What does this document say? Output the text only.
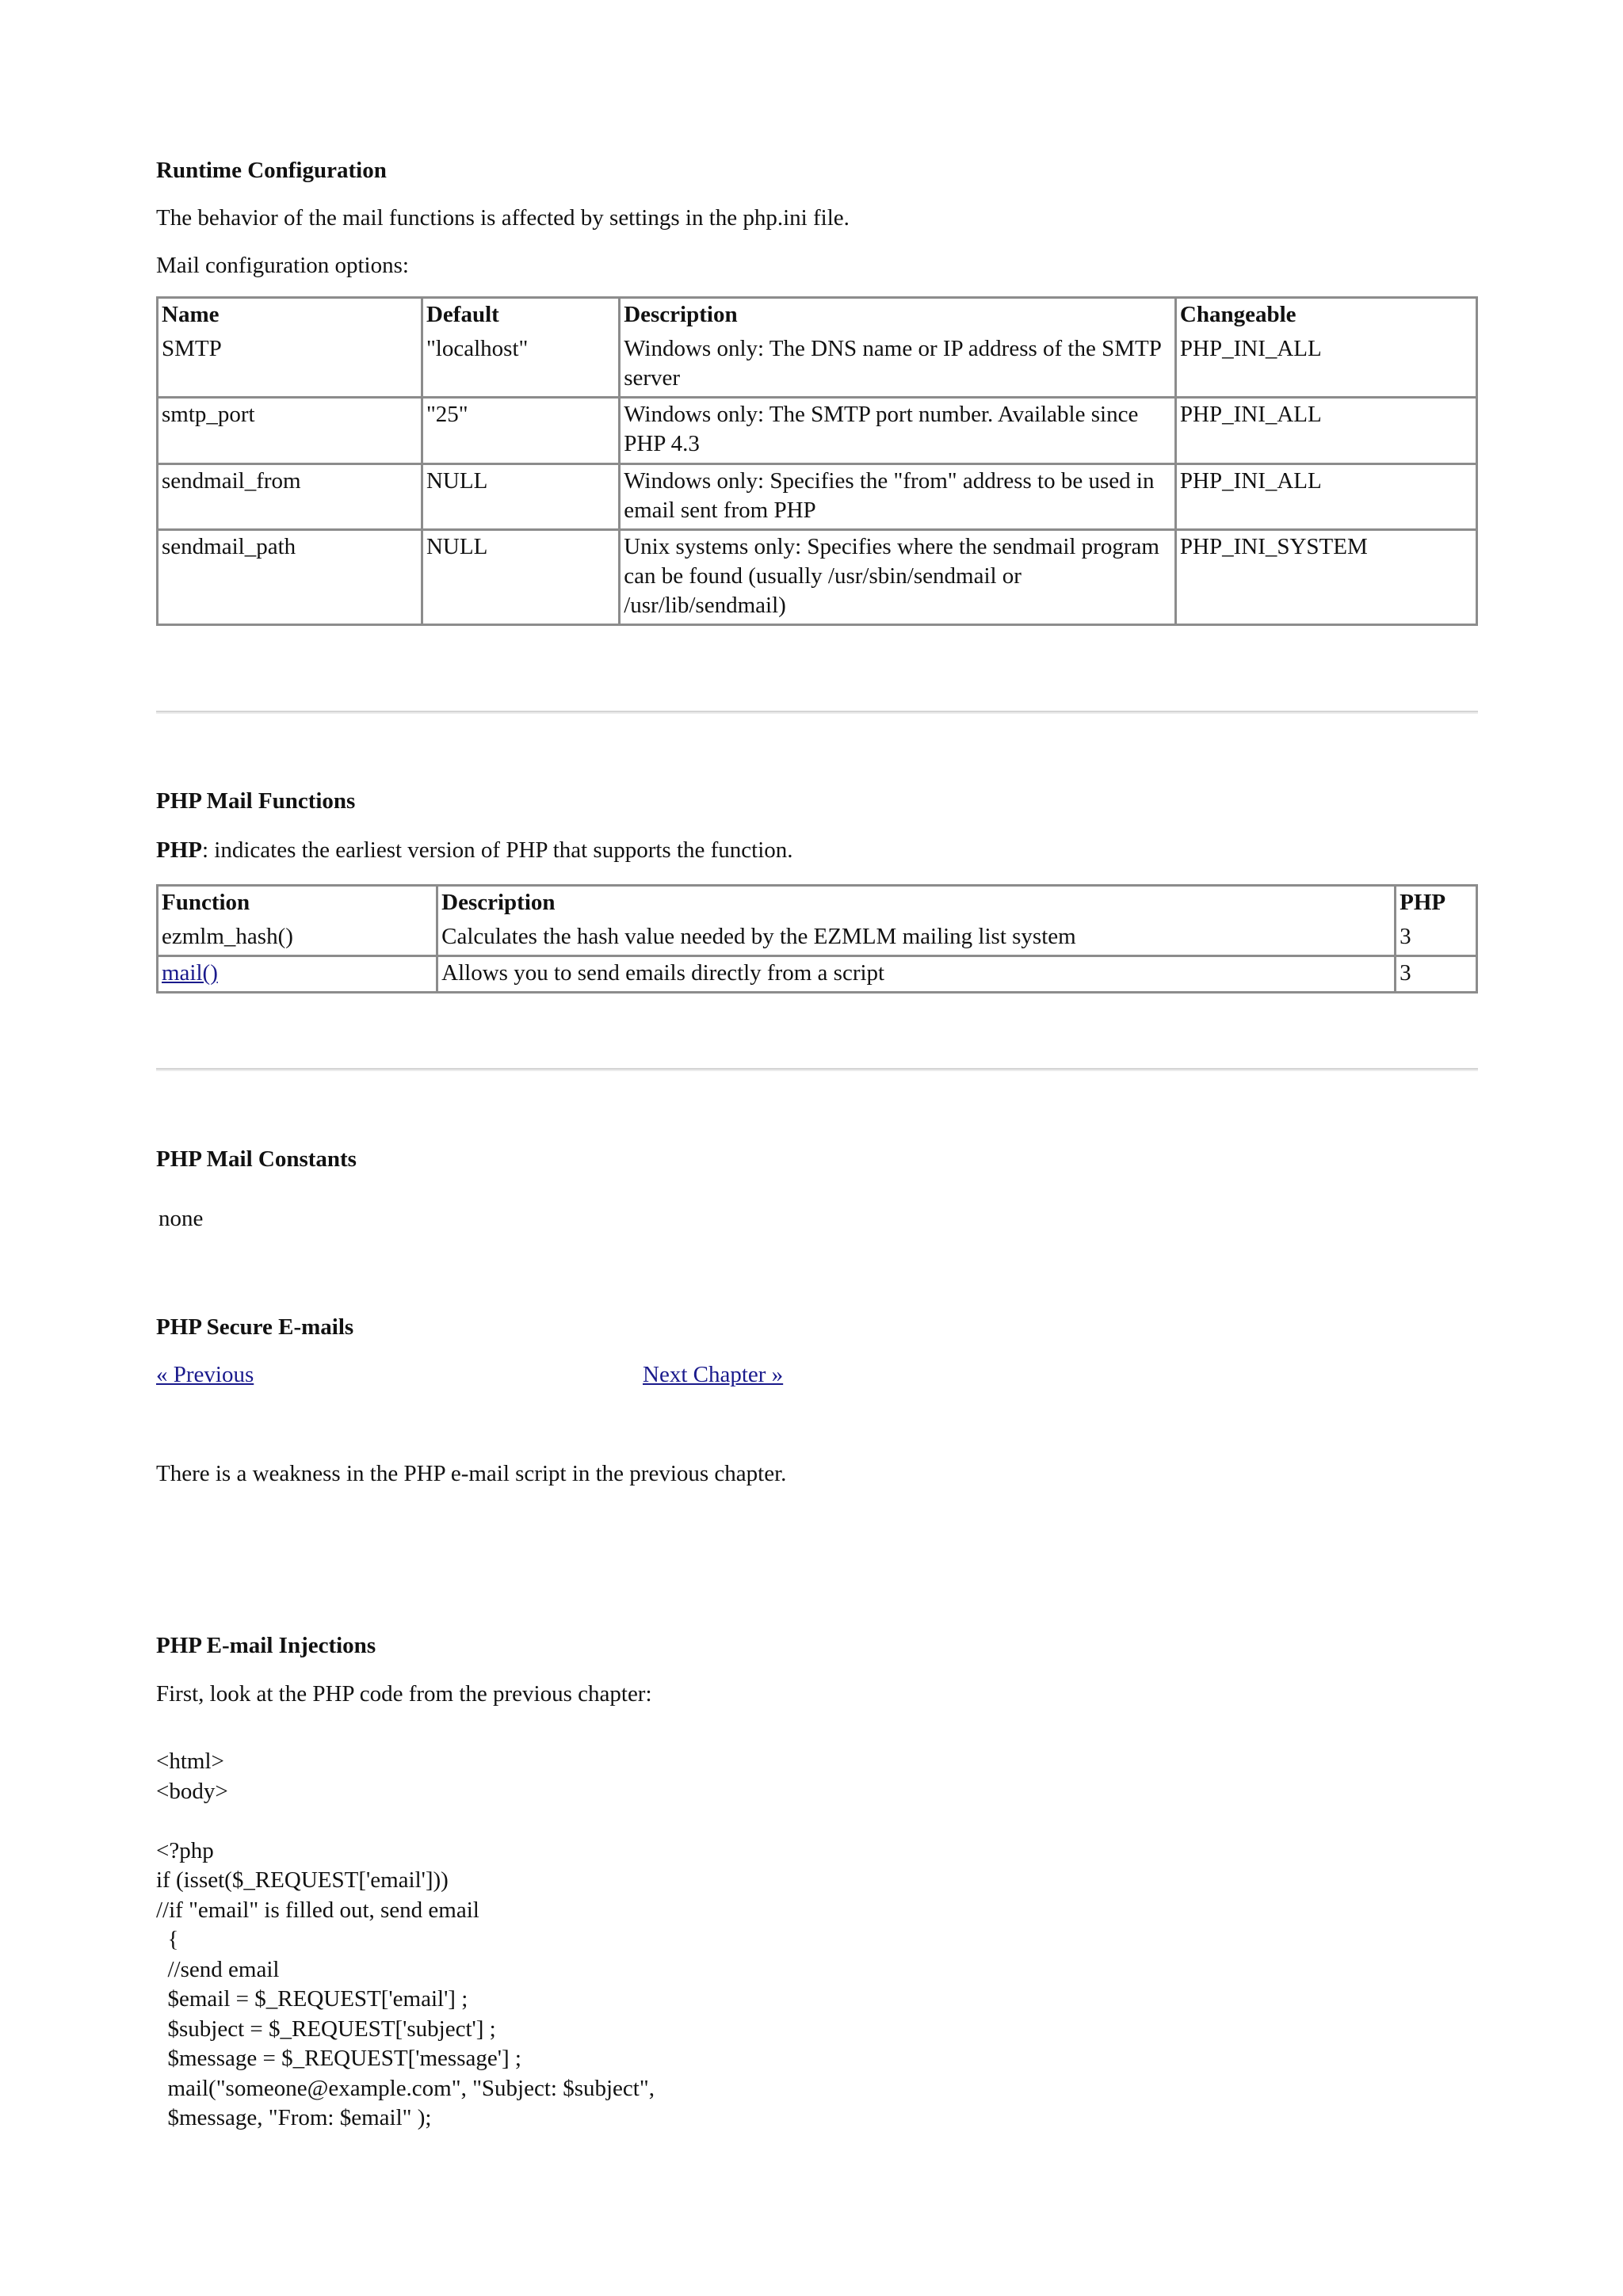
Runtime Configuration

The behavior of the mail functions is affected by settings in the php.ini file.

Mail configuration options:

Name	Default	Description	Changeable
SMTP	"localhost"	Windows only: The DNS name or IP address of the SMTP server	PHP_INI_ALL
smtp_port	"25"	Windows only: The SMTP port number. Available since PHP 4.3	PHP_INI_ALL
sendmail_from	NULL	Windows only: Specifies the "from" address to be used in email sent from PHP	PHP_INI_ALL
sendmail_path	NULL	Unix systems only: Specifies where the sendmail program can be found (usually /usr/sbin/sendmail or /usr/lib/sendmail)	PHP_INI_SYSTEM
PHP Mail Functions

PHP: indicates the earliest version of PHP that supports the function.

Function	Description	PHP
ezmlm_hash()	Calculates the hash value needed by the EZMLM mailing list system	3
mail()	Allows you to send emails directly from a script	3
PHP Mail Constants

none

PHP Secure E-mails
« Previous	Next Chapter »

There is a weakness in the PHP e-mail script in the previous chapter.

PHP E-mail Injections

First, look at the PHP code from the previous chapter:

<html>
<body>

<?php
if (isset($_REQUEST['email']))
//if "email" is filled out, send email
{
//send email
$email = $_REQUEST['email'] ;
$subject = $_REQUEST['subject'] ;
$message = $_REQUEST['message'] ;
mail("someone@example.com", "Subject: $subject",
$message, "From: $email" );
